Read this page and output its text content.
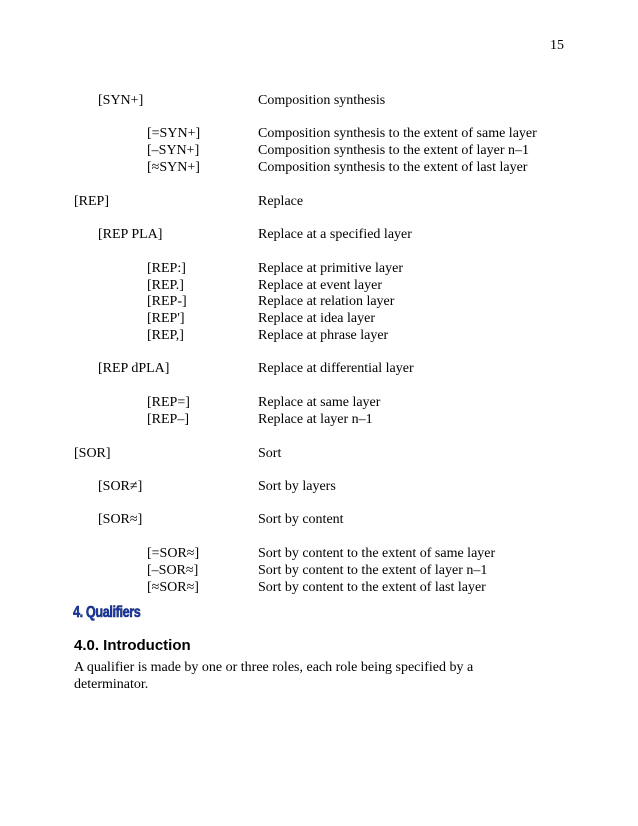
15
[SYN+]	Composition synthesis
[=SYN+]	Composition synthesis to the extent of same layer
[–SYN+]	Composition synthesis to the extent of layer n–1
[≈SYN+]	Composition synthesis to the extent of last layer
[REP]	Replace
[REP PLA]	Replace at a specified layer
[REP:]	Replace at primitive layer
[REP.]	Replace at event layer
[REP-]	Replace at relation layer
[REP']	Replace at idea layer
[REP,]	Replace at phrase layer
[REP dPLA]	Replace at differential layer
[REP=]	Replace at same layer
[REP–]	Replace at layer n–1
[SOR]	Sort
[SOR≠]	Sort by layers
[SOR≈]	Sort by content
[=SOR≈]	Sort by content to the extent of same layer
[–SOR≈]	Sort by content to the extent of layer n–1
[≈SOR≈]	Sort by content to the extent of last layer
4. Qualifiers
4.0. Introduction
A qualifier is made by one or three roles, each role being specified by a determinator.
